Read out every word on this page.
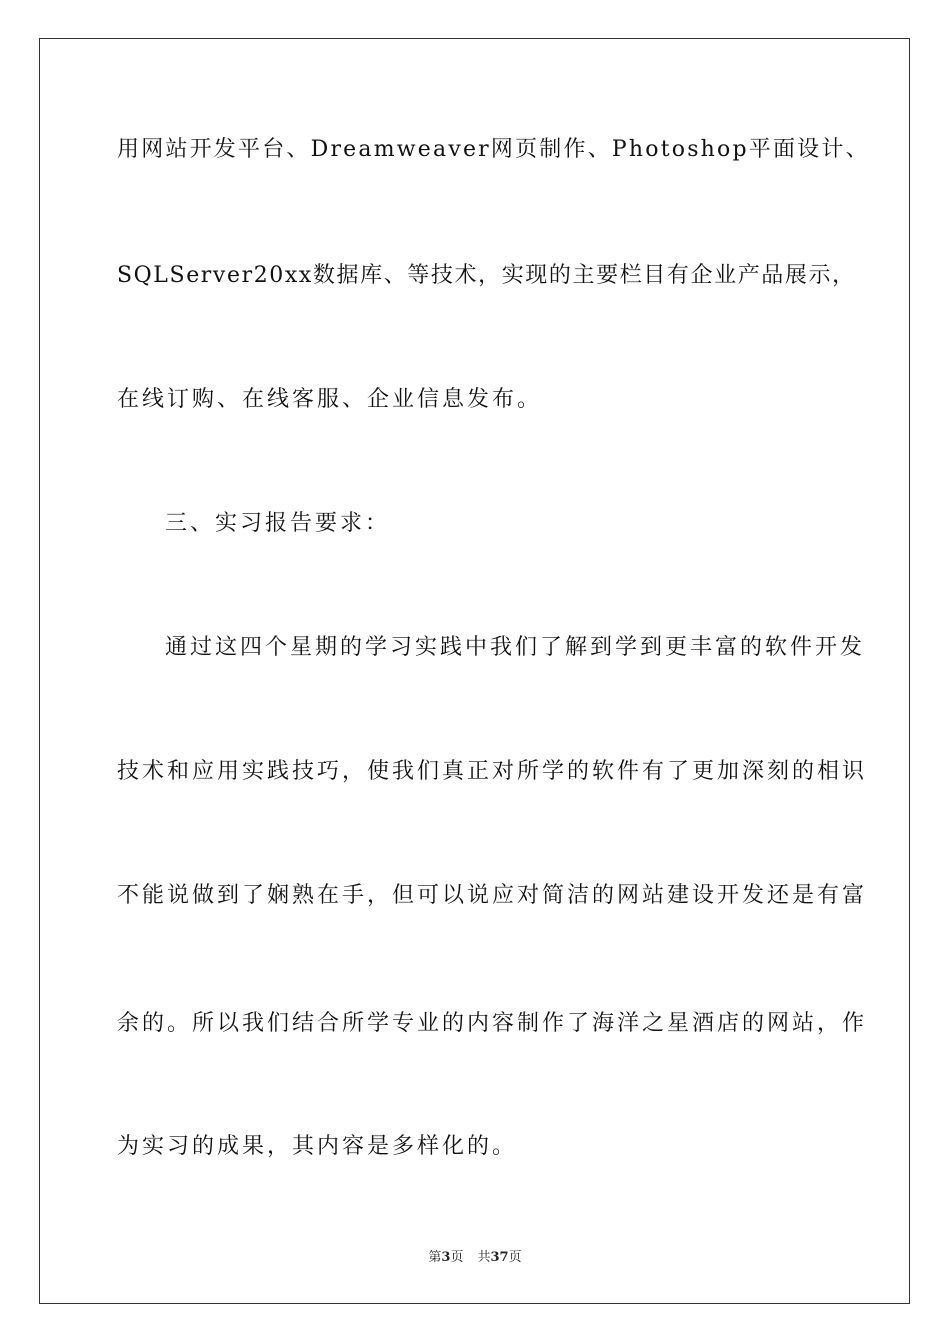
用网站开发平台、Dreamweaver网页制作、Photoshop平面设计、
SQLServer20xx数据库、等技术，实现的主要栏目有企业产品展示，
在线订购、在线客服、企业信息发布。
三、实习报告要求：
通过这四个星期的学习实践中我们了解到学到更丰富的软件开发
技术和应用实践技巧，使我们真正对所学的软件有了更加深刻的相识
不能说做到了娴熟在手，但可以说应对简洁的网站建设开发还是有富
余的。所以我们结合所学专业的内容制作了海洋之星酒店的网站，作
为实习的成果，其内容是多样化的。
第3页 共37页
